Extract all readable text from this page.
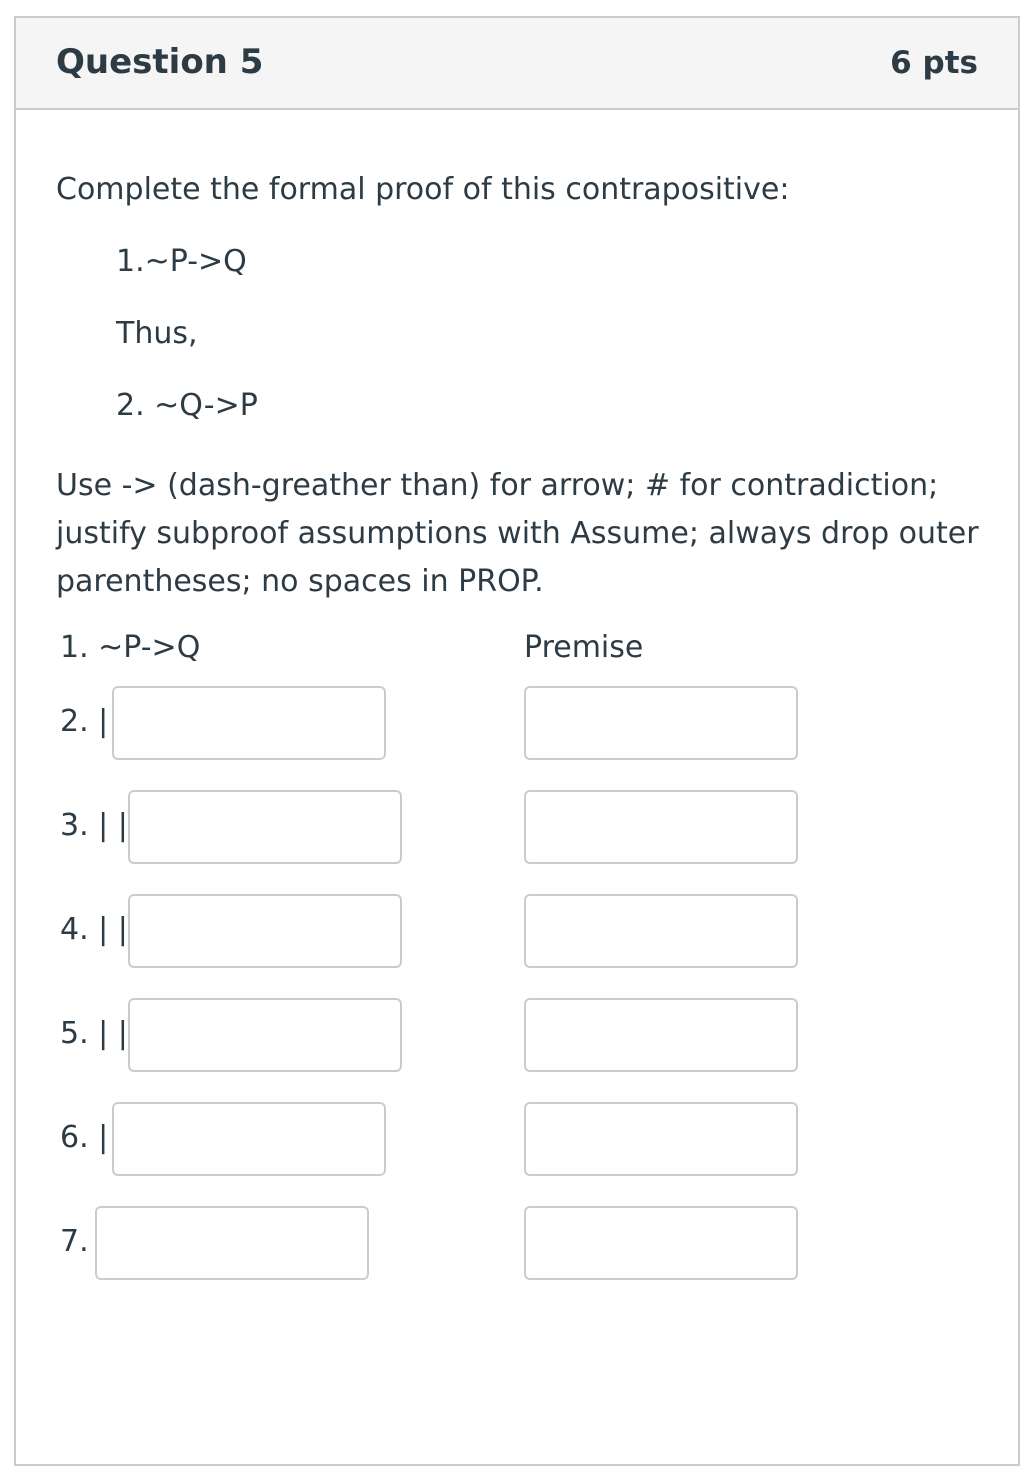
Question 5	6 pts
Complete the formal proof of this contrapositive:
1.~P->Q
Thus,
2. ~Q->P
Use -> (dash-greather than) for arrow; # for contradiction; justify subproof assumptions with Assume; always drop outer parentheses; no spaces in PROP.
1. ~P->Q	Premise
2. |
3. | |
4. | |
5. | |
6. |
7.
